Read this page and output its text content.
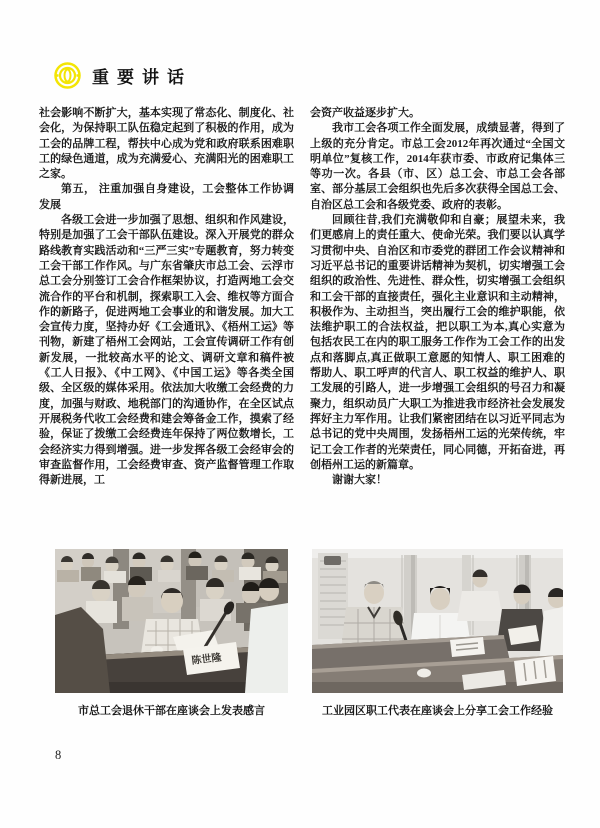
重要讲话

社会影响不断扩大，基本实现了常态化、制度化、社会化，为保持职工队伍稳定起到了积极的作用，成为工会的品牌工程，帮扶中心成为党和政府联系困难职工的绿色通道，成为充满爱心、充满阳光的困难职工之家。

第五， 注重加强自身建设，工会整体工作协调发展

各级工会进一步加强了思想、组织和作风建设，特别是加强了工会干部队伍建设。深入开展党的群众路线教育实践活动和“三严三实”专题教育，努力转变工会干部工作作风。与广东省肇庆市总工会、云浮市总工会分别签订工会合作框架协议，打造两地工会交流合作的平台和机制，探索职工入会、维权等方面合作的新路子，促进两地工会事业的和谐发展。加大工会宣传力度，坚持办好《工会通讯》、《梧州工运》等刊物，新建了梧州工会网站，工会宣传调研工作有创新发展，一批较高水平的论文、调研文章和稿件被《工人日报》、《中工网》、《中国工运》等各类全国级、全区级的媒体采用。依法加大收缴工会经费的力度，加强与财政、地税部门的沟通协作，在全区试点开展税务代收工会经费和建会筹备金工作，摸索了经验，保证了拨缴工会经费连年保持了两位数增长，工会经济实力得到增强。进一步发挥各级工会经审会的审查监督作用，工会经费审查、资产监督管理工作取得新进展，工

会资产收益逐步扩大。

我市工会各项工作全面发展，成绩显著，得到了上级的充分肯定。市总工会2012年再次通过“全国文明单位”复核工作，2014年获市委、市政府记集体三等功一次。各县（市、区）总工会、市总工会各部室、部分基层工会组织也先后多次获得全国总工会、自治区总工会和各级党委、政府的表彰。

回顾往昔,我们充满敬仰和自豪；展望未来，我们更感肩上的责任重大、使命光荣。我们要以认真学习贯彻中央、自治区和市委党的群团工作会议精神和习近平总书记的重要讲话精神为契机，切实增强工会组织的政治性、先进性、群众性，切实增强工会组织和工会干部的直接责任，强化主业意识和主动精神，积极作为、主动担当，突出履行工会的维护职能，依法维护职工的合法权益，把以职工为本,真心实意为包括农民工在内的职工服务工作作为工会工作的出发点和落脚点,真正做职工意愿的知情人、职工困难的帮助人、职工呼声的代言人、职工权益的维护人、职工发展的引路人，进一步增强工会组织的号召力和凝聚力，组织动员广大职工为推进我市经济社会发展发挥好主力军作用。让我们紧密团结在以习近平同志为总书记的党中央周围，发扬梧州工运的光荣传统，牢记工会工作者的光荣责任，同心同德，开拓奋进，再创梧州工运的新篇章。

谢谢大家！

陈世隆
市总工会退休干部在座谈会上发表感言	工业园区职工代表在座谈会上分享工会工作经验
8
